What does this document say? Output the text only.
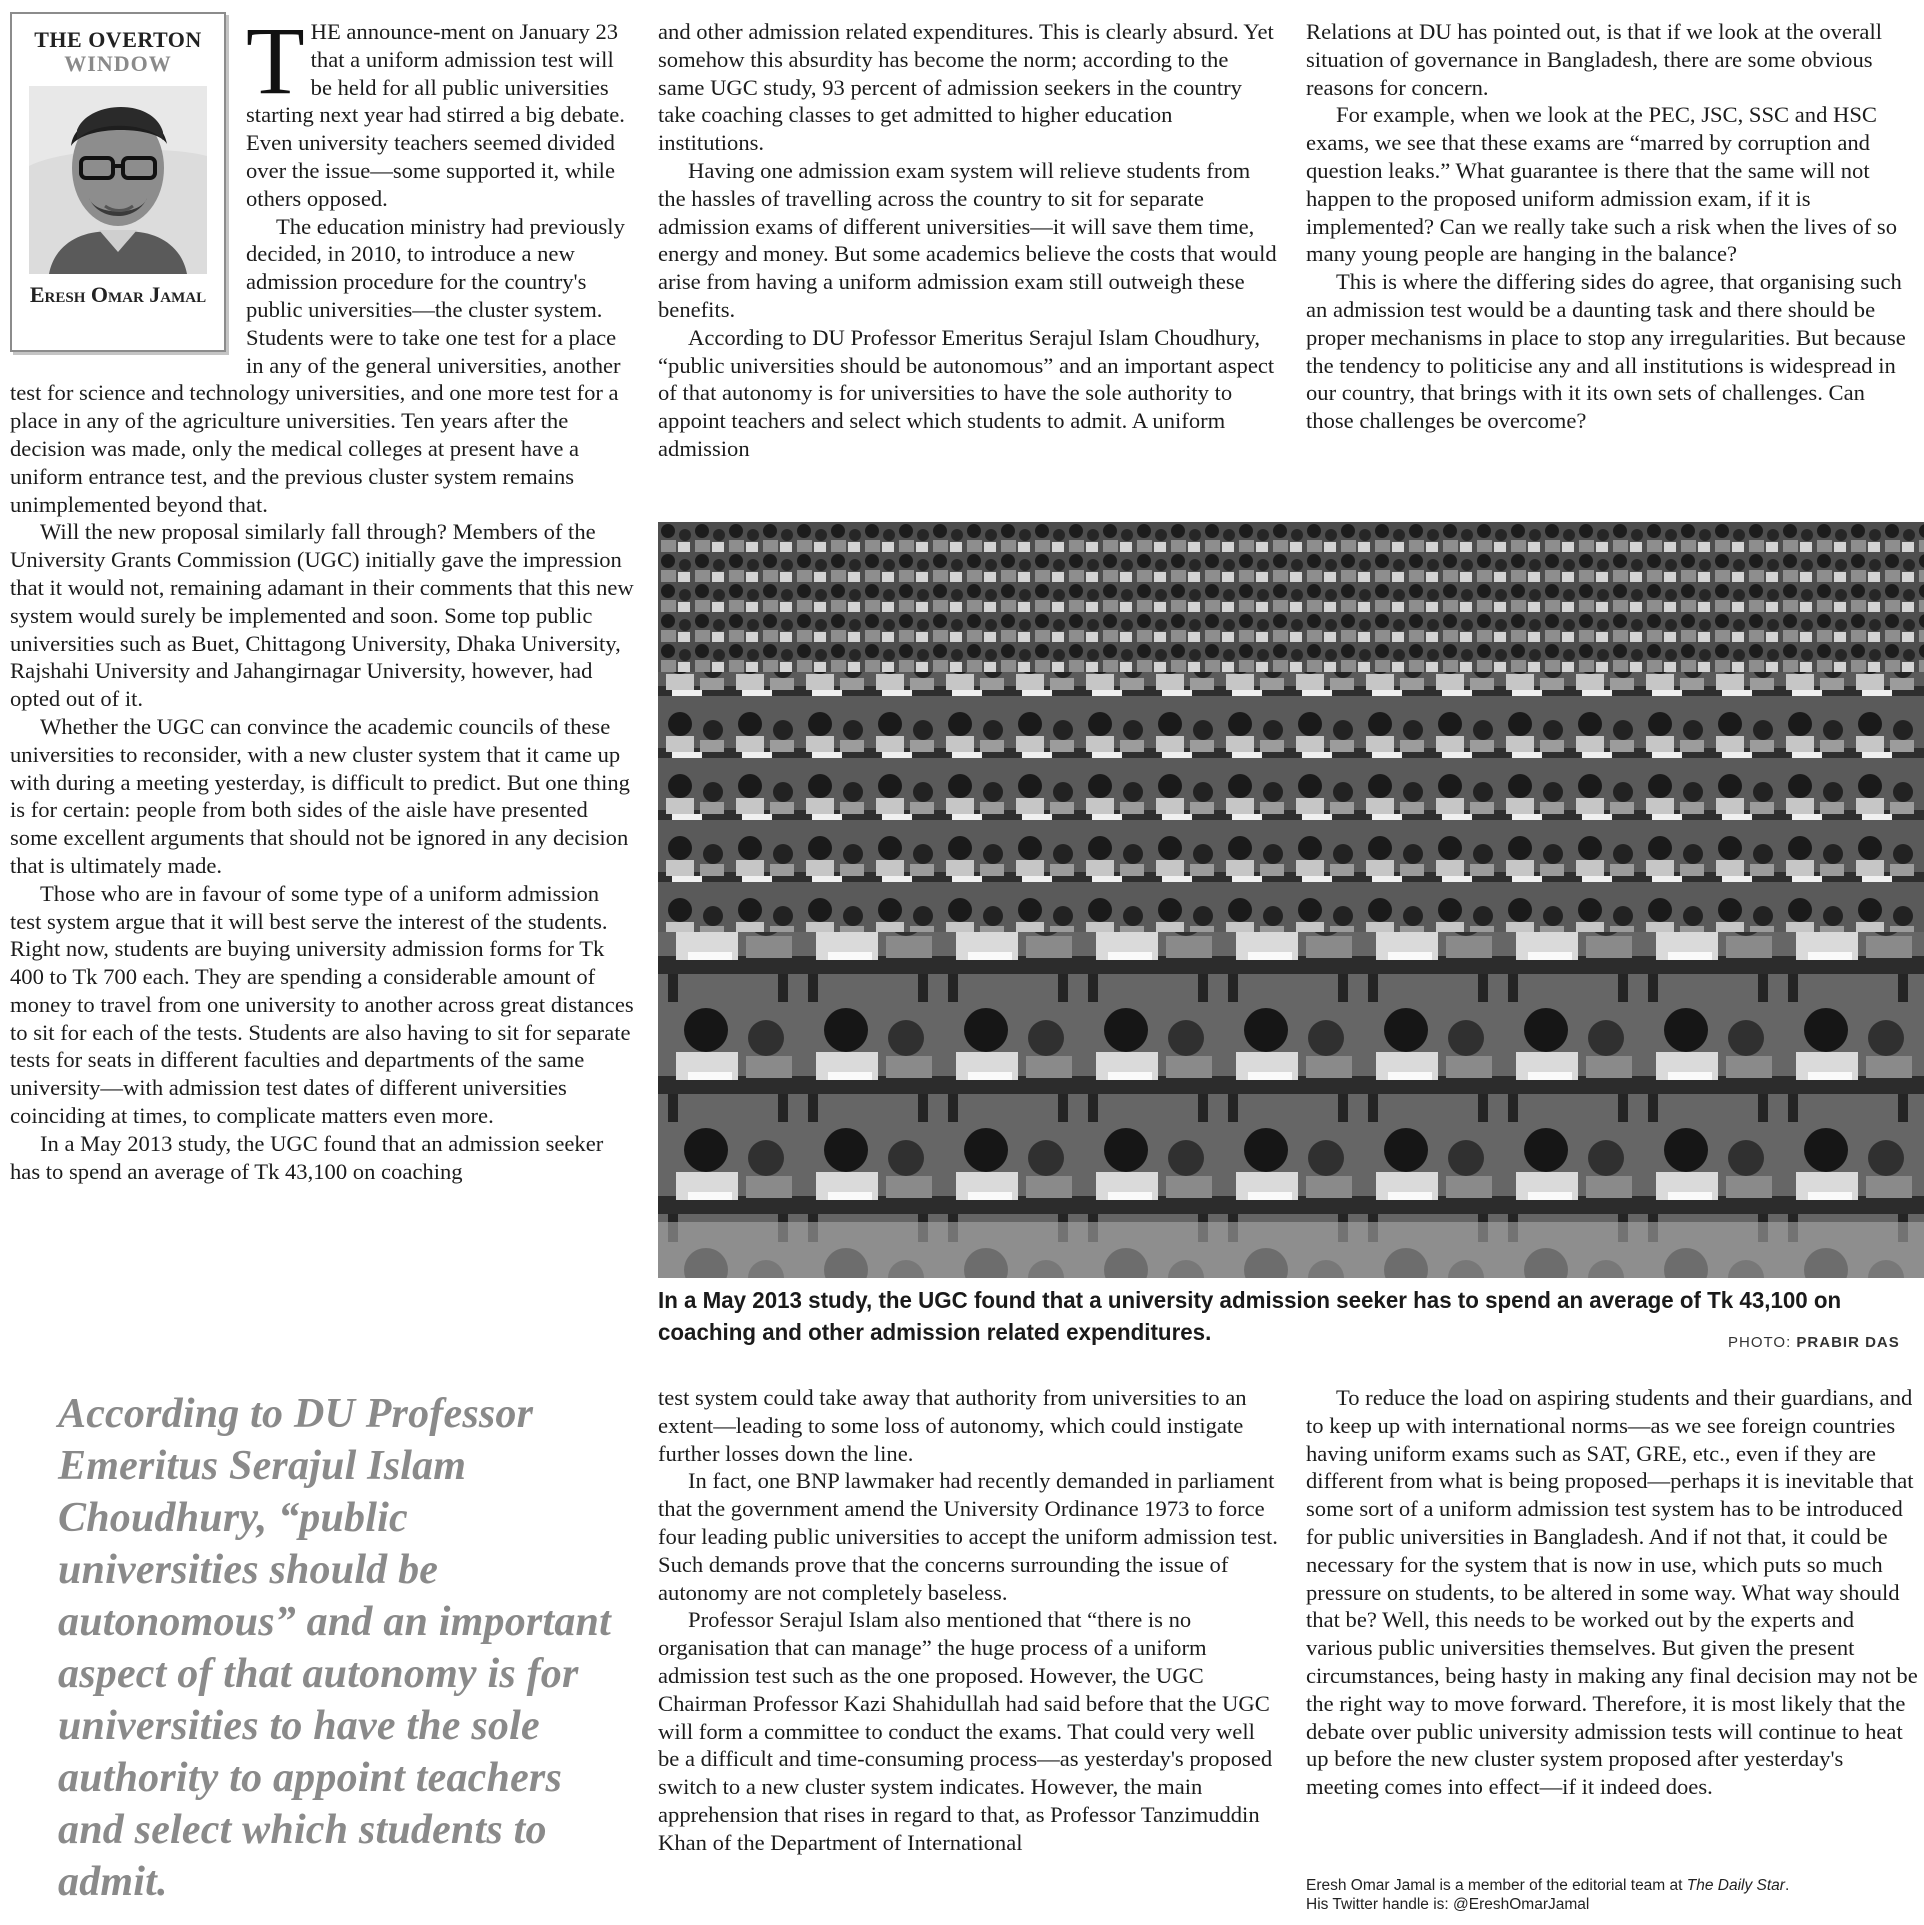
THE OVERTON
WINDOW
Eresh Omar Jamal

THE announce-ment on January 23 that a uniform admission test will be held for all public universities starting next year had stirred a big debate. Even university teachers seemed divided over the issue—some supported it, while others opposed.

The education ministry had previously decided, in 2010, to introduce a new admission procedure for the country's public universities—the cluster system. Students were to take one test for a place in any of the general universities, another test for science and technology universities, and one more test for a place in any of the agriculture universities. Ten years after the decision was made, only the medical colleges at present have a uniform entrance test, and the previous cluster system remains unimplemented beyond that.

Will the new proposal similarly fall through? Members of the University Grants Commission (UGC) initially gave the impression that it would not, remaining adamant in their comments that this new system would surely be implemented and soon. Some top public universities such as Buet, Chittagong University, Dhaka University, Rajshahi University and Jahangirnagar University, however, had opted out of it.

Whether the UGC can convince the academic councils of these universities to reconsider, with a new cluster system that it came up with during a meeting yesterday, is difficult to predict. But one thing is for certain: people from both sides of the aisle have presented some excellent arguments that should not be ignored in any decision that is ultimately made.

Those who are in favour of some type of a uniform admission test system argue that it will best serve the interest of the students. Right now, students are buying university admission forms for Tk 400 to Tk 700 each. They are spending a considerable amount of money to travel from one university to another across great distances to sit for each of the tests. Students are also having to sit for separate tests for seats in different faculties and departments of the same university—with admission test dates of different universities coinciding at times, to complicate matters even more.

In a May 2013 study, the UGC found that an admission seeker has to spend an average of Tk 43,100 on coaching

and other admission related expenditures. This is clearly absurd. Yet somehow this absurdity has become the norm; according to the same UGC study, 93 percent of admission seekers in the country take coaching classes to get admitted to higher education institutions.

Having one admission exam system will relieve students from the hassles of travelling across the country to sit for separate admission exams of different universities—it will save them time, energy and money. But some academics believe the costs that would arise from having a uniform admission exam still outweigh these benefits.

According to DU Professor Emeritus Serajul Islam Choudhury, “public universities should be autonomous” and an important aspect of that autonomy is for universities to have the sole authority to appoint teachers and select which students to admit. A uniform admission

Relations at DU has pointed out, is that if we look at the overall situation of governance in Bangladesh, there are some obvious reasons for concern.

For example, when we look at the PEC, JSC, SSC and HSC exams, we see that these exams are “marred by corruption and question leaks.” What guarantee is there that the same will not happen to the proposed uniform admission exam, if it is implemented? Can we really take such a risk when the lives of so many young people are hanging in the balance?

This is where the differing sides do agree, that organising such an admission test would be a daunting task and there should be proper mechanisms in place to stop any irregularities. But because the tendency to politicise any and all institutions is widespread in our country, that brings with it its own sets of challenges. Can those challenges be overcome?

In a May 2013 study, the UGC found that a university admission seeker has to spend an average of Tk 43,100 on coaching and other admission related expenditures.	PHOTO: PRABIR DAS
According to DU Professor Emeritus Serajul Islam Choudhury, “public universities should be autonomous” and an important aspect of that autonomy is for universities to have the sole authority to appoint teachers and select which students to admit.

test system could take away that authority from universities to an extent—leading to some loss of autonomy, which could instigate further losses down the line.

In fact, one BNP lawmaker had recently demanded in parliament that the government amend the University Ordinance 1973 to force four leading public universities to accept the uniform admission test. Such demands prove that the concerns surrounding the issue of autonomy are not completely baseless.

Professor Serajul Islam also mentioned that “there is no organisation that can manage” the huge process of a uniform admission test such as the one proposed. However, the UGC Chairman Professor Kazi Shahidullah had said before that the UGC will form a committee to conduct the exams. That could very well be a difficult and time-consuming process—as yesterday's proposed switch to a new cluster system indicates. However, the main apprehension that rises in regard to that, as Professor Tanzimuddin Khan of the Department of International

To reduce the load on aspiring students and their guardians, and to keep up with international norms—as we see foreign countries having uniform exams such as SAT, GRE, etc., even if they are different from what is being proposed—perhaps it is inevitable that some sort of a uniform admission test system has to be introduced for public universities in Bangladesh. And if not that, it could be necessary for the system that is now in use, which puts so much pressure on students, to be altered in some way. What way should that be? Well, this needs to be worked out by the experts and various public universities themselves. But given the present circumstances, being hasty in making any final decision may not be the right way to move forward. Therefore, it is most likely that the debate over public university admission tests will continue to heat up before the new cluster system proposed after yesterday's meeting comes into effect—if it indeed does.

Eresh Omar Jamal is a member of the editorial team at The Daily Star.
His Twitter handle is: @EreshOmarJamal
